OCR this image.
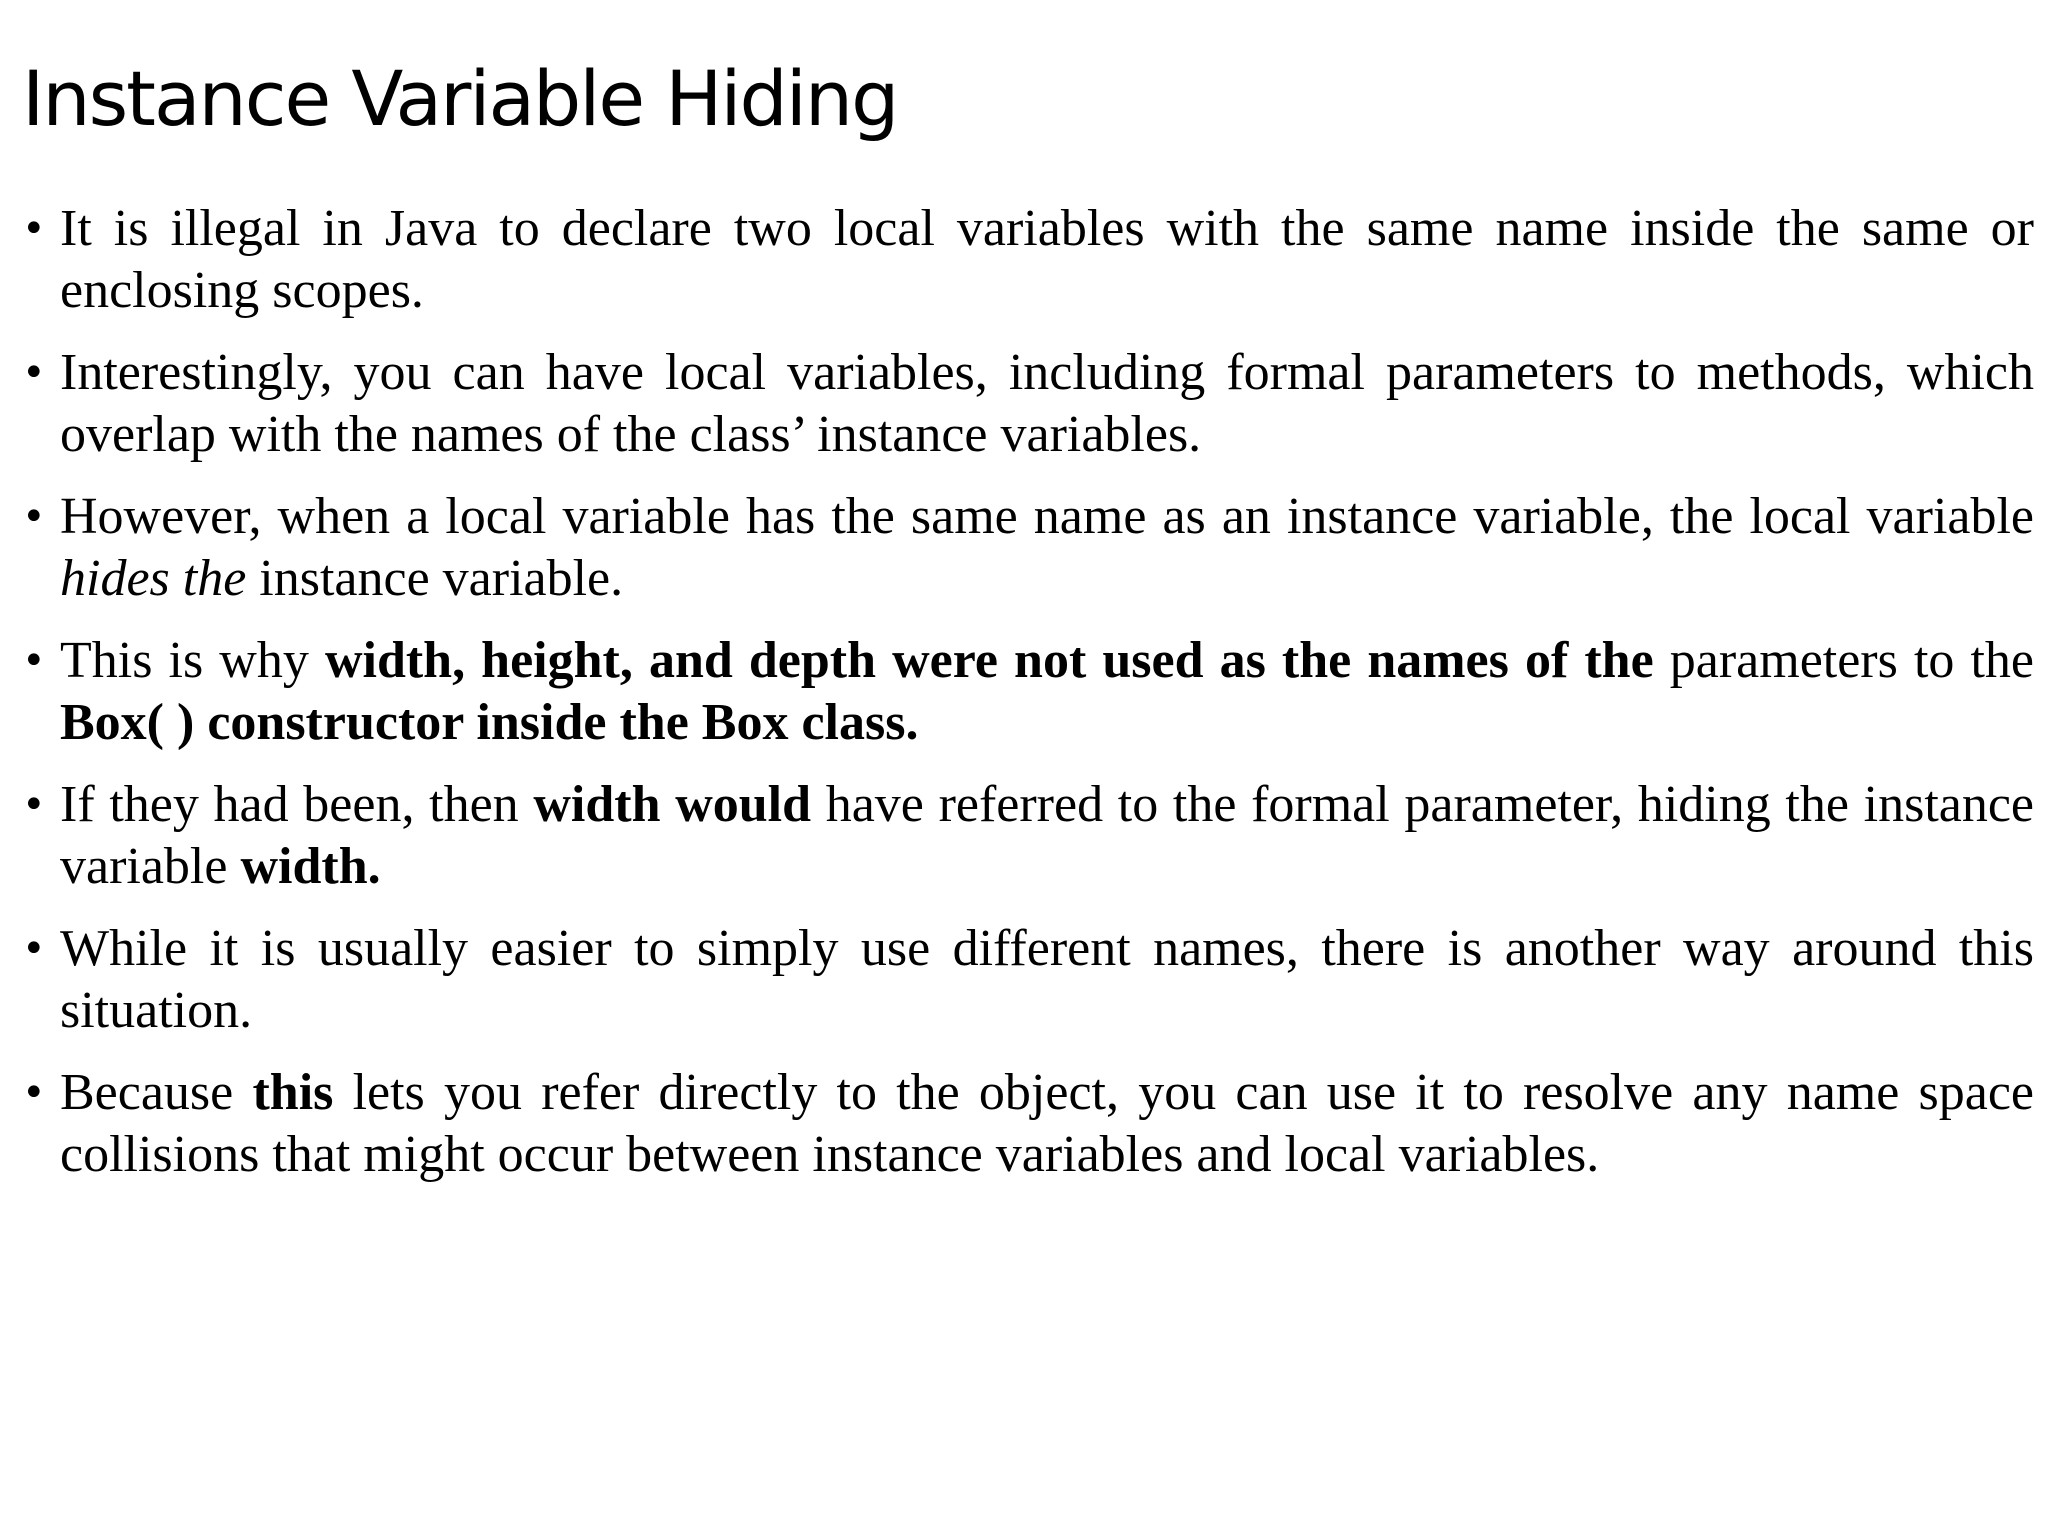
Instance Variable Hiding
• It is illegal in Java to declare two local variables with the same name inside the same or enclosing scopes.
• Interestingly, you can have local variables, including formal parameters to methods, which overlap with the names of the class’ instance variables.
• However, when a local variable has the same name as an instance variable, the local variable hides the instance variable.
• This is why width, height, and depth were not used as the names of the parameters to the Box( ) constructor inside the Box class.
• If they had been, then width would have referred to the formal parameter, hiding the instance variable width.
• While it is usually easier to simply use different names, there is another way around this situation.
• Because this lets you refer directly to the object, you can use it to resolve any name space collisions that might occur between instance variables and local variables.
